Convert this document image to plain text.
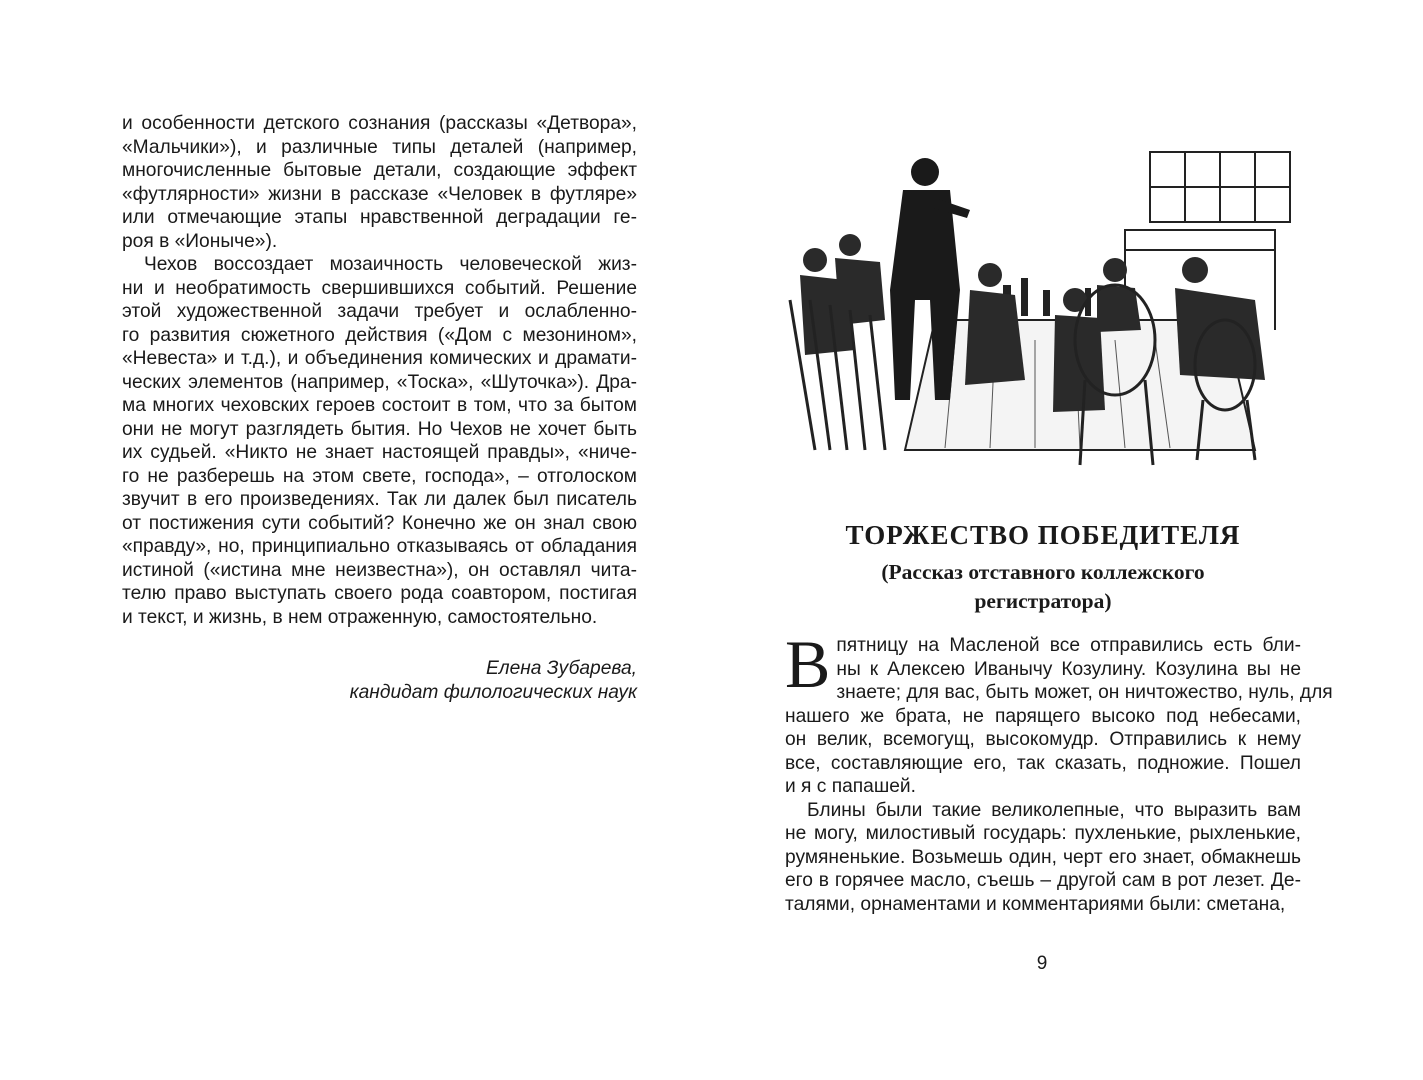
и особенности детского сознания (рассказы «Детвора»,
«Мальчики»), и различные типы деталей (например,
многочисленные бытовые детали, создающие эффект
«футлярности» жизни в рассказе «Человек в футляре»
или отмечающие этапы нравственной деградации ге-
роя в «Ионыче»).

Чехов воссоздает мозаичность человеческой жиз-
ни и необратимость свершившихся событий. Решение
этой художественной задачи требует и ослабленно-
го развития сюжетного действия («Дом с мезонином»,
«Невеста» и т.д.), и объединения комических и драмати-
ческих элементов (например, «Тоска», «Шуточка»). Дра-
ма многих чеховских героев состоит в том, что за бытом
они не могут разглядеть бытия. Но Чехов не хочет быть
их судьей. «Никто не знает настоящей правды», «ниче-
го не разберешь на этом свете, господа», – отголоском
звучит в его произведениях. Так ли далек был писатель
от постижения сути событий? Конечно же он знал свою
«правду», но, принципиально отказываясь от обладания
истиной («истина мне неизвестна»), он оставлял чита-
телю право выступать своего рода соавтором, постигая
и текст, и жизнь, в нем отраженную, самостоятельно.

Елена Зубарева,
кандидат филологических наук
ТОРЖЕСТВО ПОБЕДИТЕЛЯ
(Рассказ отставного коллежского
регистратора)
В пятницу на Масленой все отправились есть бли-
ны к Алексею Иванычу Козулину. Козулина вы не
знаете; для вас, быть может, он ничтожество, нуль, для
нашего же брата, не парящего высоко под небесами,
он велик, всемогущ, высокомудр. Отправились к нему
все, составляющие его, так сказать, подножие. Пошел
и я с папашей.

Блины были такие великолепные, что выразить вам
не могу, милостивый государь: пухленькие, рыхленькие,
румяненькие. Возьмешь один, черт его знает, обмакнешь
его в горячее масло, съешь – другой сам в рот лезет. Де-
талями, орнаментами и комментариями были: сметана,

9
